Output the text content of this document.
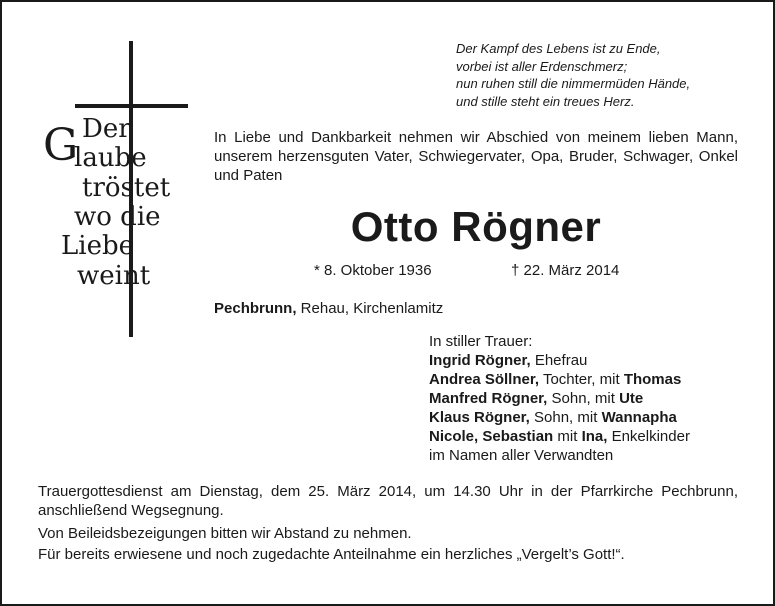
Der
G
laube
tröstet
wo die
Liebe
weint
Der Kampf des Lebens ist zu Ende,
vorbei ist aller Erdenschmerz;
nun ruhen still die nimmermüden Hände,
und stille steht ein treues Herz.
In Liebe und Dankbarkeit nehmen wir Abschied von meinem lieben Mann, unserem herzensguten Vater, Schwiegervater, Opa, Bruder, Schwager, Onkel und Paten
Otto Rögner
* 8. Oktober 1936	† 22. März 2014
Pechbrunn, Rehau, Kirchenlamitz
In stiller Trauer:
Ingrid Rögner, Ehefrau
Andrea Söllner, Tochter, mit Thomas
Manfred Rögner, Sohn, mit Ute
Klaus Rögner, Sohn, mit Wannapha
Nicole, Sebastian mit Ina, Enkelkinder
im Namen aller Verwandten
Trauergottesdienst am Dienstag, dem 25. März 2014, um 14.30 Uhr in der Pfarrkirche Pechbrunn, anschließend Wegsegnung.
Von Beileidsbezeigungen bitten wir Abstand zu nehmen.
Für bereits erwiesene und noch zugedachte Anteilnahme ein herzliches „Vergelt’s Gott!“.
